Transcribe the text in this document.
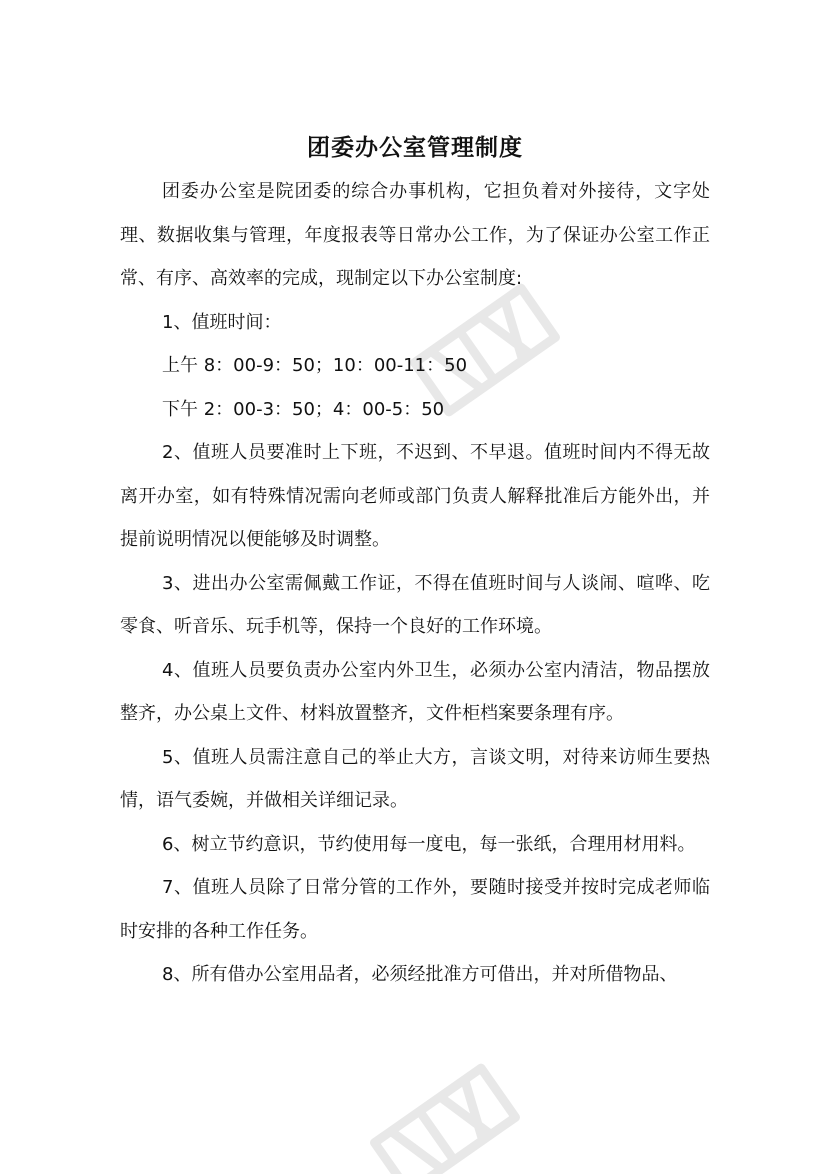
团委办公室管理制度

团委办公室是院团委的综合办事机构，它担负着对外接待，文字处理、数据收集与管理，年度报表等日常办公工作，为了保证办公室工作正常、有序、高效率的完成，现制定以下办公室制度:

1、值班时间：

上午 8：00-9：50；10：00-11：50

下午 2：00-3：50；4：00-5：50

2、值班人员要准时上下班，不迟到、不早退。值班时间内不得无故离开办室，如有特殊情况需向老师或部门负责人解释批准后方能外出，并提前说明情况以便能够及时调整。

3、进出办公室需佩戴工作证，不得在值班时间与人谈闹、喧哗、吃零食、听音乐、玩手机等，保持一个良好的工作环境。

4、值班人员要负责办公室内外卫生，必须办公室内清洁，物品摆放整齐，办公桌上文件、材料放置整齐，文件柜档案要条理有序。

5、值班人员需注意自己的举止大方，言谈文明，对待来访师生要热情，语气委婉，并做相关详细记录。

6、树立节约意识，节约使用每一度电，每一张纸，合理用材用料。

7、值班人员除了日常分管的工作外，要随时接受并按时完成老师临时安排的各种工作任务。

8、所有借办公室用品者，必须经批准方可借出，并对所借物品、
